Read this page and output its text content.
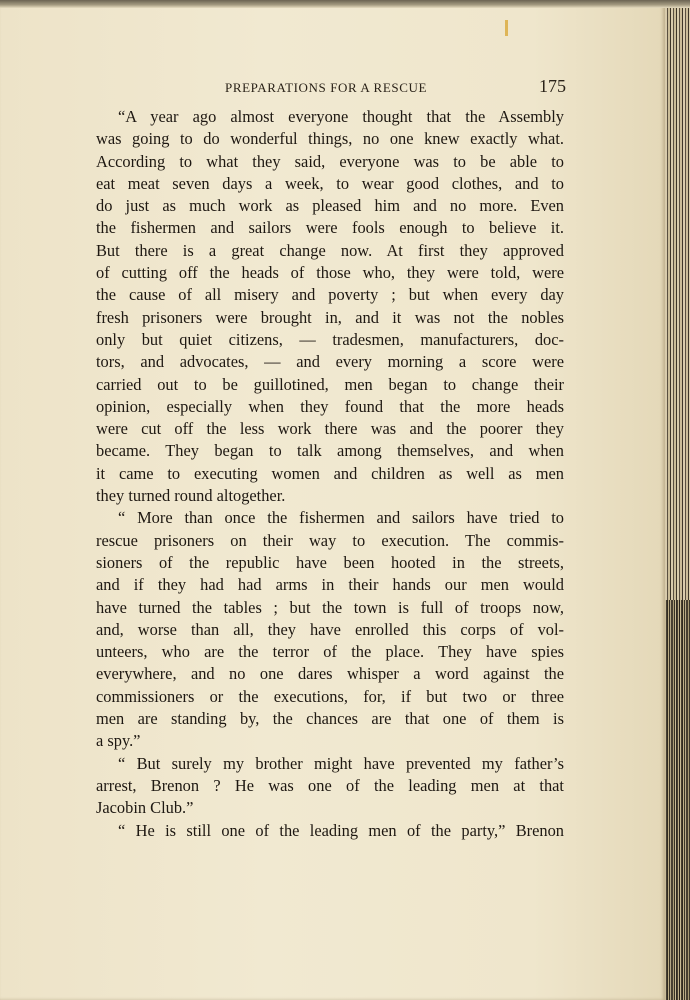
PREPARATIONS FOR A RESCUE	175
“A year ago almost everyone thought that the Assembly
was going to do wonderful things, no one knew exactly what.
According to what they said, everyone was to be able to
eat meat seven days a week, to wear good clothes, and to
do just as much work as pleased him and no more. Even
the fishermen and sailors were fools enough to believe it.
But there is a great change now. At first they approved
of cutting off the heads of those who, they were told, were
the cause of all misery and poverty ; but when every day
fresh prisoners were brought in, and it was not the nobles
only but quiet citizens, — tradesmen, manufacturers, doc-
tors, and advocates, — and every morning a score were
carried out to be guillotined, men began to change their
opinion, especially when they found that the more heads
were cut off the less work there was and the poorer they
became. They began to talk among themselves, and when
it came to executing women and children as well as men
they turned round altogether.
“ More than once the fishermen and sailors have tried to
rescue prisoners on their way to execution. The commis-
sioners of the republic have been hooted in the streets,
and if they had had arms in their hands our men would
have turned the tables ; but the town is full of troops now,
and, worse than all, they have enrolled this corps of vol-
unteers, who are the terror of the place. They have spies
everywhere, and no one dares whisper a word against the
commissioners or the executions, for, if but two or three
men are standing by, the chances are that one of them is
a spy.”
“ But surely my brother might have prevented my father’s
arrest, Brenon ? He was one of the leading men at that
Jacobin Club.”
“ He is still one of the leading men of the party,” Brenon
